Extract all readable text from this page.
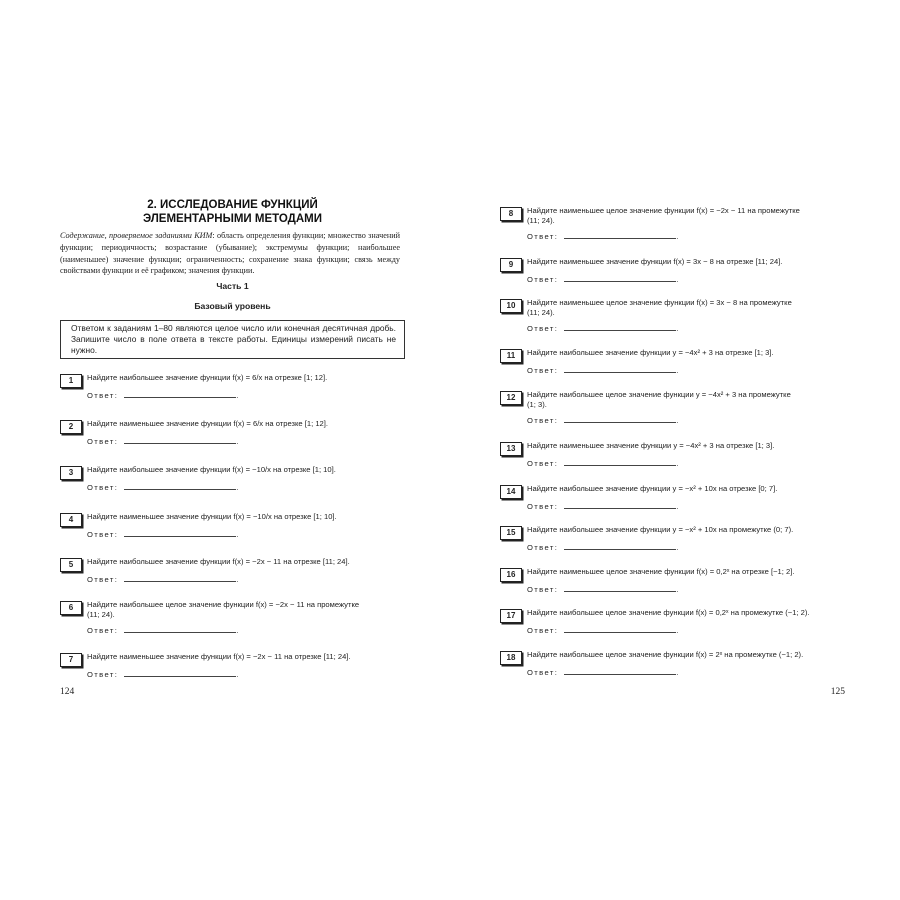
2. ИССЛЕДОВАНИЕ ФУНКЦИЙ
ЭЛЕМЕНТАРНЫМИ МЕТОДАМИ
Содержание, проверяемое заданиями КИМ: область определения функции; множество значений функции; периодичность; возрастание (убывание); экстремумы функции; наибольшее (наименьшее) значение функции; ограниченность; сохранение знака функции; связь между свойствами функции и её графиком; значения функции.
Часть 1
Базовый уровень
Ответом к заданиям 1–80 являются целое число или конечная десятичная дробь. Запишите число в поле ответа в тексте работы. Единицы измерений писать не нужно.
1	Найдите наибольшее значение функции f(x) = 6/x на отрезке [1; 12].
Ответ:	.
2	Найдите наименьшее значение функции f(x) = 6/x на отрезке [1; 12].
Ответ:	.
3	Найдите наибольшее значение функции f(x) = −10/x на отрезке [1; 10].
Ответ:	.
4	Найдите наименьшее значение функции f(x) = −10/x на отрезке [1; 10].
Ответ:	.
5	Найдите наибольшее значение функции f(x) = −2x − 11 на отрезке [11; 24].
Ответ:	.
6	Найдите наибольшее целое значение функции f(x) = −2x − 11 на промежутке
(11; 24).
Ответ:	.
7	Найдите наименьшее значение функции f(x) = −2x − 11 на отрезке [11; 24].
Ответ:	.
124
8	Найдите наименьшее целое значение функции f(x) = −2x − 11 на промежутке
(11; 24).
Ответ:	.
9	Найдите наименьшее значение функции f(x) = 3x − 8 на отрезке [11; 24].
Ответ:	.
10	Найдите наименьшее целое значение функции f(x) = 3x − 8 на промежутке
(11; 24).
Ответ:	.
11	Найдите наибольшее значение функции y = −4x² + 3 на отрезке [1; 3].
Ответ:	.
12	Найдите наибольшее целое значение функции y = −4x² + 3 на промежутке
(1; 3).
Ответ:	.
13	Найдите наименьшее значение функции y = −4x² + 3 на отрезке [1; 3].
Ответ:	.
14	Найдите наибольшее значение функции y = −x² + 10x на отрезке [0; 7].
Ответ:	.
15	Найдите наибольшее значение функции y = −x² + 10x на промежутке (0; 7).
Ответ:	.
16	Найдите наименьшее целое значение функции f(x) = 0,2ˣ на отрезке [−1; 2].
Ответ:	.
17	Найдите наибольшее целое значение функции f(x) = 0,2ˣ на промежутке (−1; 2).
Ответ:	.
18	Найдите наибольшее целое значение функции f(x) = 2ˣ на промежутке (−1; 2).
Ответ:	.
125
